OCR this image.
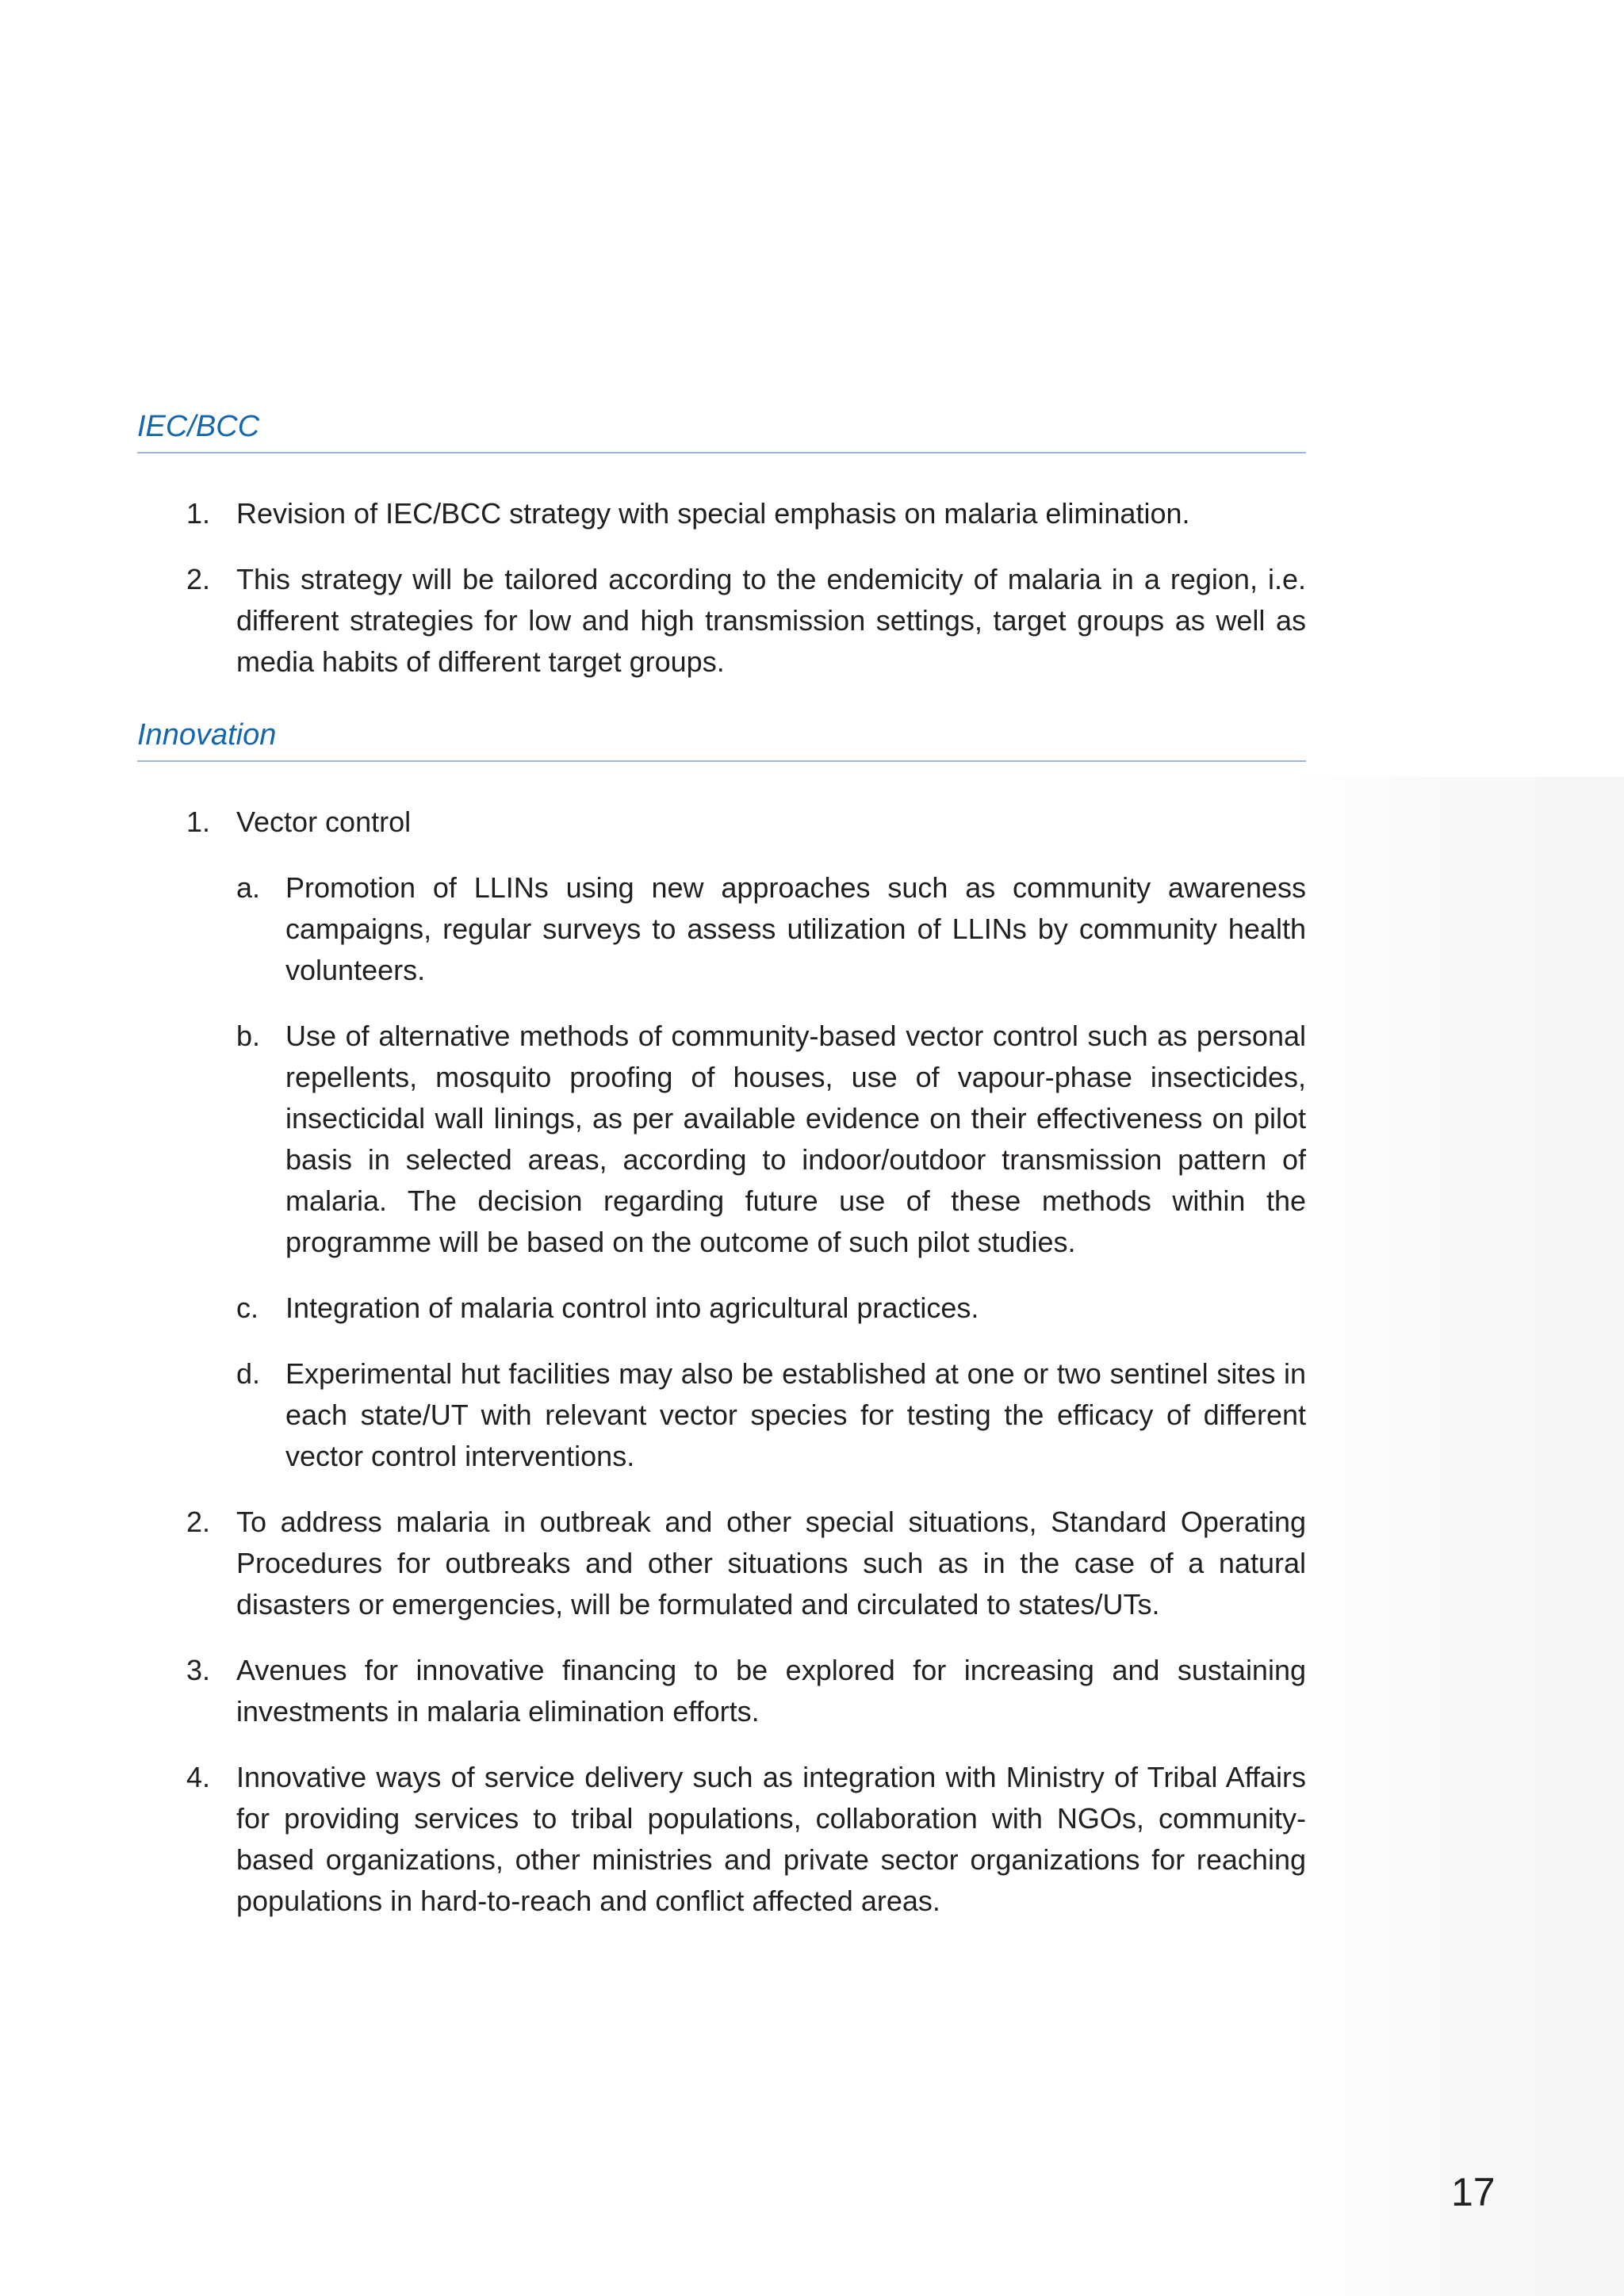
IEC/BCC
1. Revision of IEC/BCC strategy with special emphasis on malaria elimination.
2. This strategy will be tailored according to the endemicity of malaria in a region, i.e. different strategies for low and high transmission settings, target groups as well as media habits of different target groups.
Innovation
1. Vector control
a. Promotion of LLINs using new approaches such as community awareness campaigns, regular surveys to assess utilization of LLINs by community health volunteers.
b. Use of alternative methods of community-based vector control such as personal repellents, mosquito proofing of houses, use of vapour-phase insecticides, insecticidal wall linings, as per available evidence on their effectiveness on pilot basis in selected areas, according to indoor/outdoor transmission pattern of malaria. The decision regarding future use of these methods within the programme will be based on the outcome of such pilot studies.
c. Integration of malaria control into agricultural practices.
d. Experimental hut facilities may also be established at one or two sentinel sites in each state/UT with relevant vector species for testing the efficacy of different vector control interventions.
2. To address malaria in outbreak and other special situations, Standard Operating Procedures for outbreaks and other situations such as in the case of a natural disasters or emergencies, will be formulated and circulated to states/UTs.
3. Avenues for innovative financing to be explored for increasing and sustaining investments in malaria elimination efforts.
4. Innovative ways of service delivery such as integration with Ministry of Tribal Affairs for providing services to tribal populations, collaboration with NGOs, community-based organizations, other ministries and private sector organizations for reaching populations in hard-to-reach and conflict affected areas.
17
